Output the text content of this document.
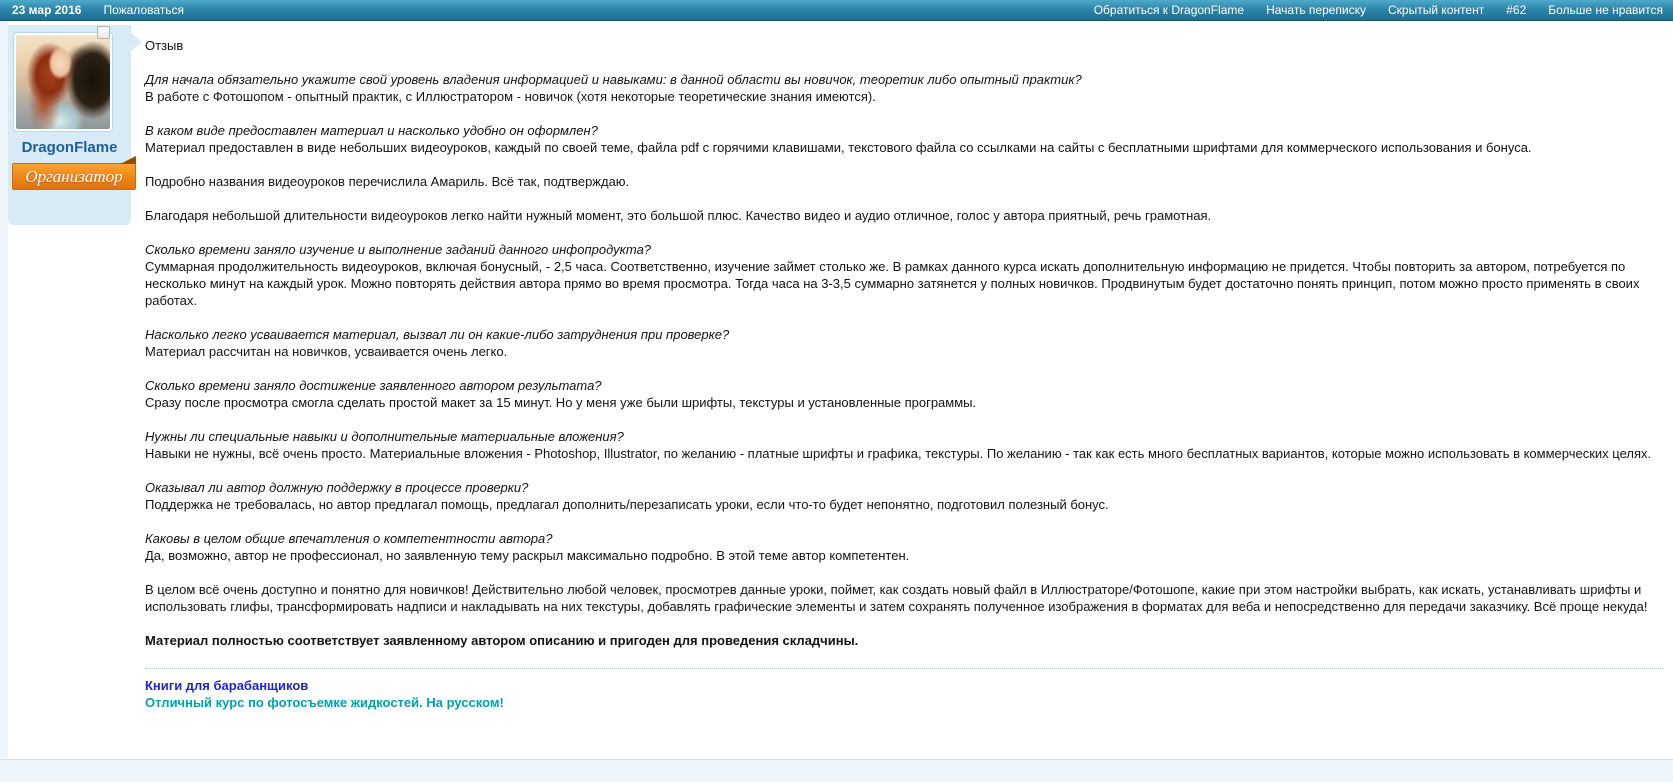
23 мар 2016 Пожаловаться	Обратиться к DragonFlame Начать переписку Скрытый контент #62 Больше не нравится
DragonFlame
Организатор

Отзыв

Для начала обязательно укажите свой уровень владения информацией и навыками: в данной области вы новичок, теоретик либо опытный практик?
В работе с Фотошопом - опытный практик, с Иллюстратором - новичок (хотя некоторые теоретические знания имеются).

В каком виде предоставлен материал и насколько удобно он оформлен?
Материал предоставлен в виде небольших видеоуроков, каждый по своей теме, файла pdf с горячими клавишами, текстового файла со ссылками на сайты с бесплатными шрифтами для коммерческого использования и бонуса.

Подробно названия видеоуроков перечислила Амариль. Всё так, подтверждаю.

Благодаря небольшой длительности видеоуроков легко найти нужный момент, это большой плюс. Качество видео и аудио отличное, голос у автора приятный, речь грамотная.

Сколько времени заняло изучение и выполнение заданий данного инфопродукта?
Суммарная продолжительность видеоуроков, включая бонусный, - 2,5 часа. Соответственно, изучение займет столько же. В рамках данного курса искать дополнительную информацию не придется. Чтобы повторить за автором, потребуется по несколько минут на каждый урок. Можно повторять действия автора прямо во время просмотра. Тогда часа на 3-3,5 суммарно затянется у полных новичков. Продвинутым будет достаточно понять принцип, потом можно просто применять в своих работах.

Насколько легко усваивается материал, вызвал ли он какие-либо затруднения при проверке?
Материал рассчитан на новичков, усваивается очень легко.

Сколько времени заняло достижение заявленного автором результата?
Сразу после просмотра смогла сделать простой макет за 15 минут. Но у меня уже были шрифты, текстуры и установленные программы.

Нужны ли специальные навыки и дополнительные материальные вложения?
Навыки не нужны, всё очень просто. Материальные вложения - Photoshop, Illustrator, по желанию - платные шрифты и графика, текстуры. По желанию - так как есть много бесплатных вариантов, которые можно использовать в коммерческих целях.

Оказывал ли автор должную поддержку в процессе проверки?
Поддержка не требовалась, но автор предлагал помощь, предлагал дополнить/перезаписать уроки, если что-то будет непонятно, подготовил полезный бонус.

Каковы в целом общие впечатления о компетентности автора?
Да, возможно, автор не профессионал, но заявленную тему раскрыл максимально подробно. В этой теме автор компетентен.

В целом всё очень доступно и понятно для новичков! Действительно любой человек, просмотрев данные уроки, поймет, как создать новый файл в Иллюстраторе/Фотошопе, какие при этом настройки выбрать, как искать, устанавливать шрифты и использовать глифы, трансформировать надписи и накладывать на них текстуры, добавлять графические элементы и затем сохранять полученное изображения в форматах для веба и непосредственно для передачи заказчику. Всё проще некуда!

Материал полностью соответствует заявленному автором описанию и пригоден для проведения складчины.

Книги для барабанщиков
Отличный курс по фотосъемке жидкостей. На русском!
